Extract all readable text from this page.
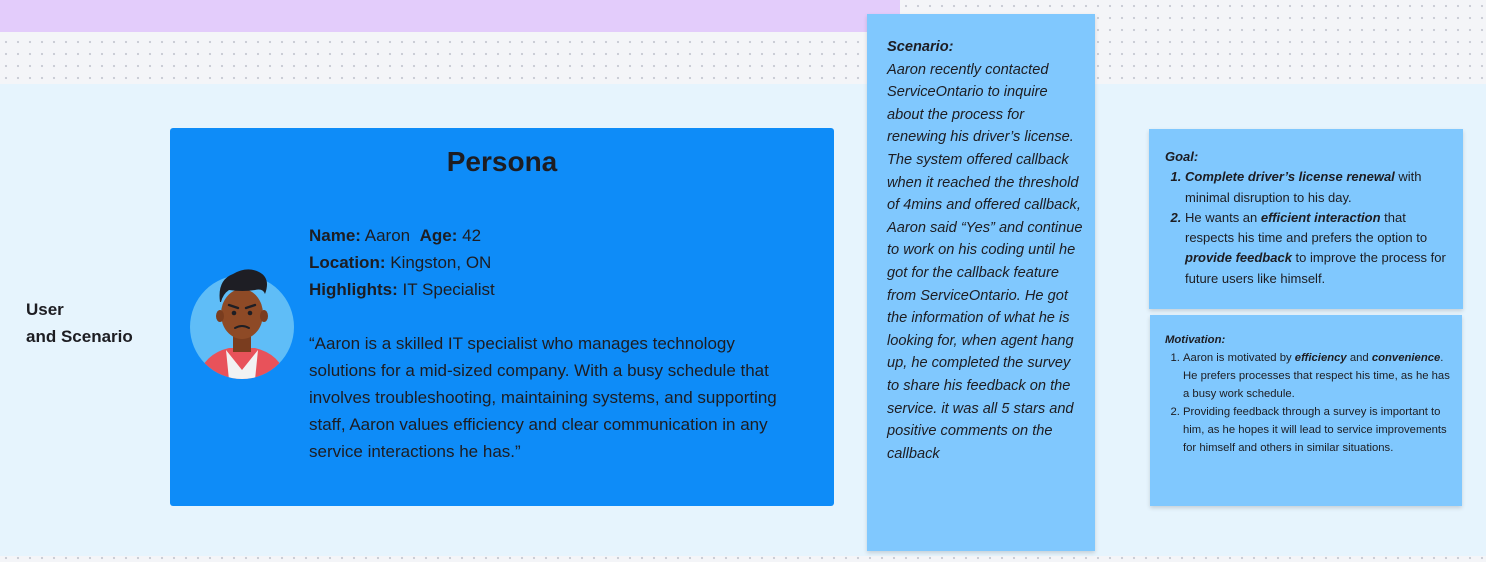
User
and Scenario
Persona
Name: Aaron Age: 42
Location: Kingston, ON
Highlights: IT Specialist
“Aaron is a skilled IT specialist who manages technology solutions for a mid-sized company. With a busy schedule that involves troubleshooting, maintaining systems, and supporting staff, Aaron values efficiency and clear communication in any service interactions he has.”
Goal:
1. Complete driver’s license renewal with minimal disruption to his day.
2. He wants an efficient interaction that respects his time and prefers the option to provide feedback to improve the process for future users like himself.
Motivation:
1. Aaron is motivated by efficiency and convenience. He prefers processes that respect his time, as he has a busy work schedule.
2. Providing feedback through a survey is important to him, as he hopes it will lead to service improvements for himself and others in similar situations.
Scenario:
Aaron recently contacted ServiceOntario to inquire about the process for renewing his driver’s license. The system offered callback when it reached the threshold of 4mins and offered callback, Aaron said “Yes” and continue to work on his coding until he got for the callback feature from ServiceOntario. He got the information of what he is looking for, when agent hang up, he completed the survey to share his feedback on the service. it was all 5 stars and positive comments on the callback
